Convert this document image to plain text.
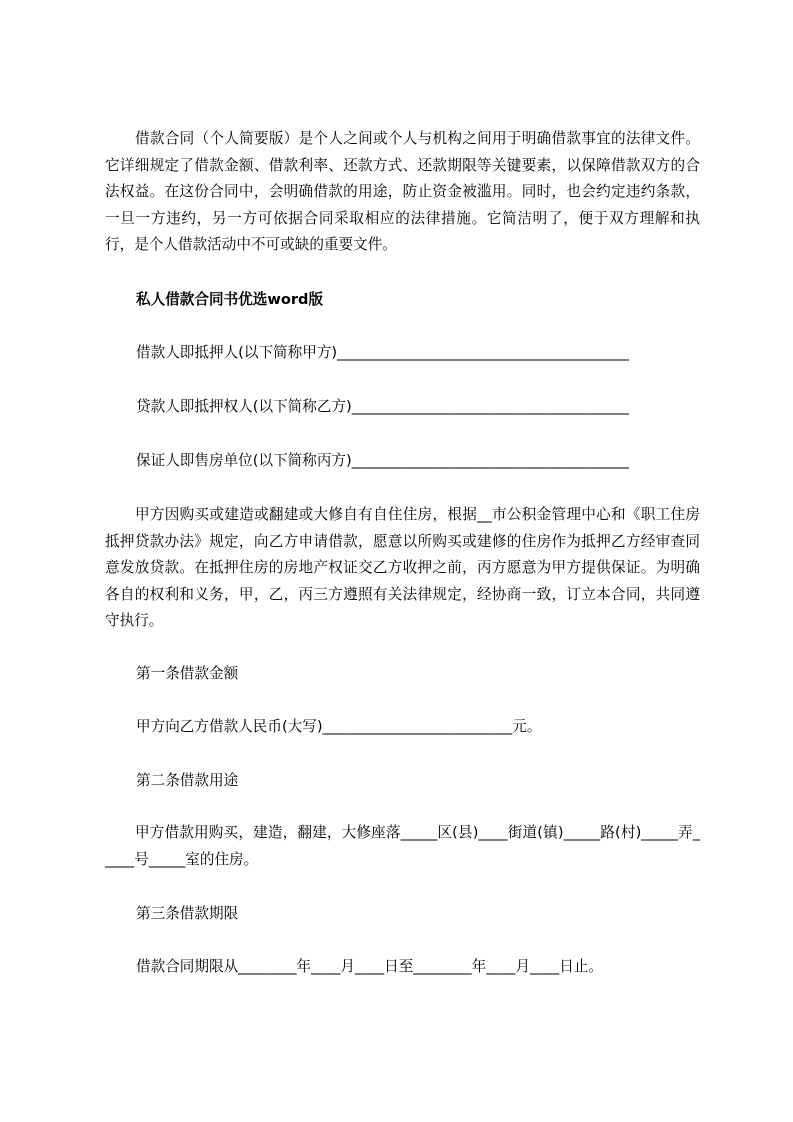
借款合同（个人简要版）是个人之间或个人与机构之间用于明确借款事宜的法律文件。它详细规定了借款金额、借款利率、还款方式、还款期限等关键要素，以保障借款双方的合法权益。在这份合同中，会明确借款的用途，防止资金被滥用。同时，也会约定违约条款，一旦一方违约，另一方可依据合同采取相应的法律措施。它简洁明了，便于双方理解和执行，是个人借款活动中不可或缺的重要文件。
私人借款合同书优选word版
借款人即抵押人(以下简称甲方)________________________________________
贷款人即抵押权人(以下简称乙方)______________________________________
保证人即售房单位(以下简称丙方)______________________________________
甲方因购买或建造或翻建或大修自有自住住房，根据__市公积金管理中心和《职工住房抵押贷款办法》规定，向乙方申请借款，愿意以所购买或建修的住房作为抵押乙方经审查同意发放贷款。在抵押住房的房地产权证交乙方收押之前，丙方愿意为甲方提供保证。为明确各自的权利和义务，甲，乙，丙三方遵照有关法律规定，经协商一致，订立本合同，共同遵守执行。
第一条借款金额
甲方向乙方借款人民币(大写)__________________________元。
第二条借款用途
甲方借款用购买，建造，翻建，大修座落_____区(县)____街道(镇)_____路(村)_____弄_____号_____室的住房。
第三条借款期限
借款合同期限从________年____月____日至________年____月____日止。
